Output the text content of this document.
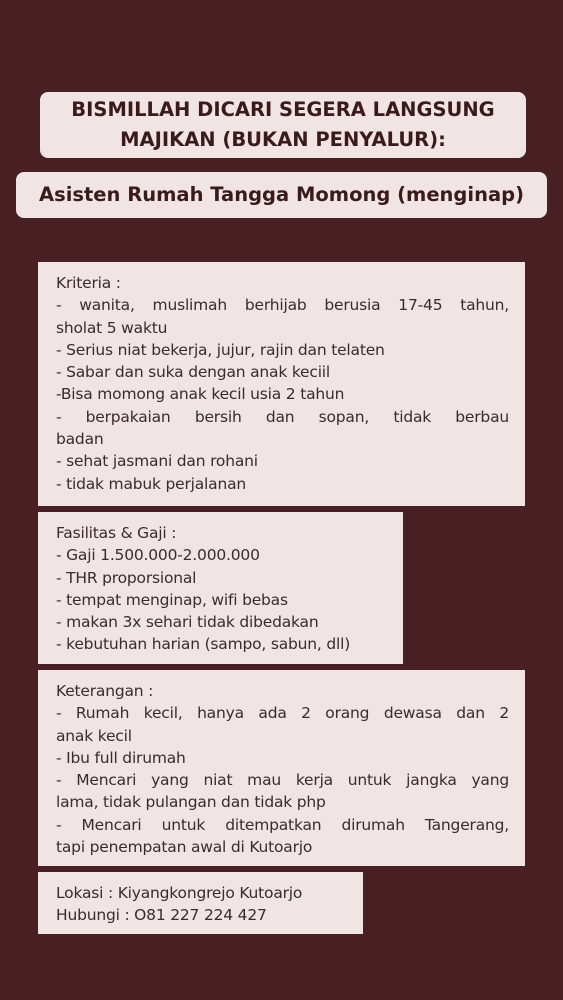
BISMILLAH DICARI SEGERA LANGSUNG
MAJIKAN (BUKAN PENYALUR):
Asisten Rumah Tangga Momong (menginap)
Kriteria :
- wanita, muslimah berhijab berusia 17-45 tahun,
sholat 5 waktu
- Serius niat bekerja, jujur, rajin dan telaten
- Sabar dan suka dengan anak keciil
-Bisa momong anak kecil usia 2 tahun
- berpakaian bersih dan sopan, tidak berbau
badan
- sehat jasmani dan rohani
- tidak mabuk perjalanan
Fasilitas & Gaji :
- Gaji 1.500.000-2.000.000
- THR proporsional
- tempat menginap, wifi bebas
- makan 3x sehari tidak dibedakan
- kebutuhan harian (sampo, sabun, dll)
Keterangan :
- Rumah kecil, hanya ada 2 orang dewasa dan 2
anak kecil
- Ibu full dirumah
- Mencari yang niat mau kerja untuk jangka yang
lama, tidak pulangan dan tidak php
- Mencari untuk ditempatkan dirumah Tangerang,
tapi penempatan awal di Kutoarjo
Lokasi : Kiyangkongrejo Kutoarjo
Hubungi : O81 227 224 427
